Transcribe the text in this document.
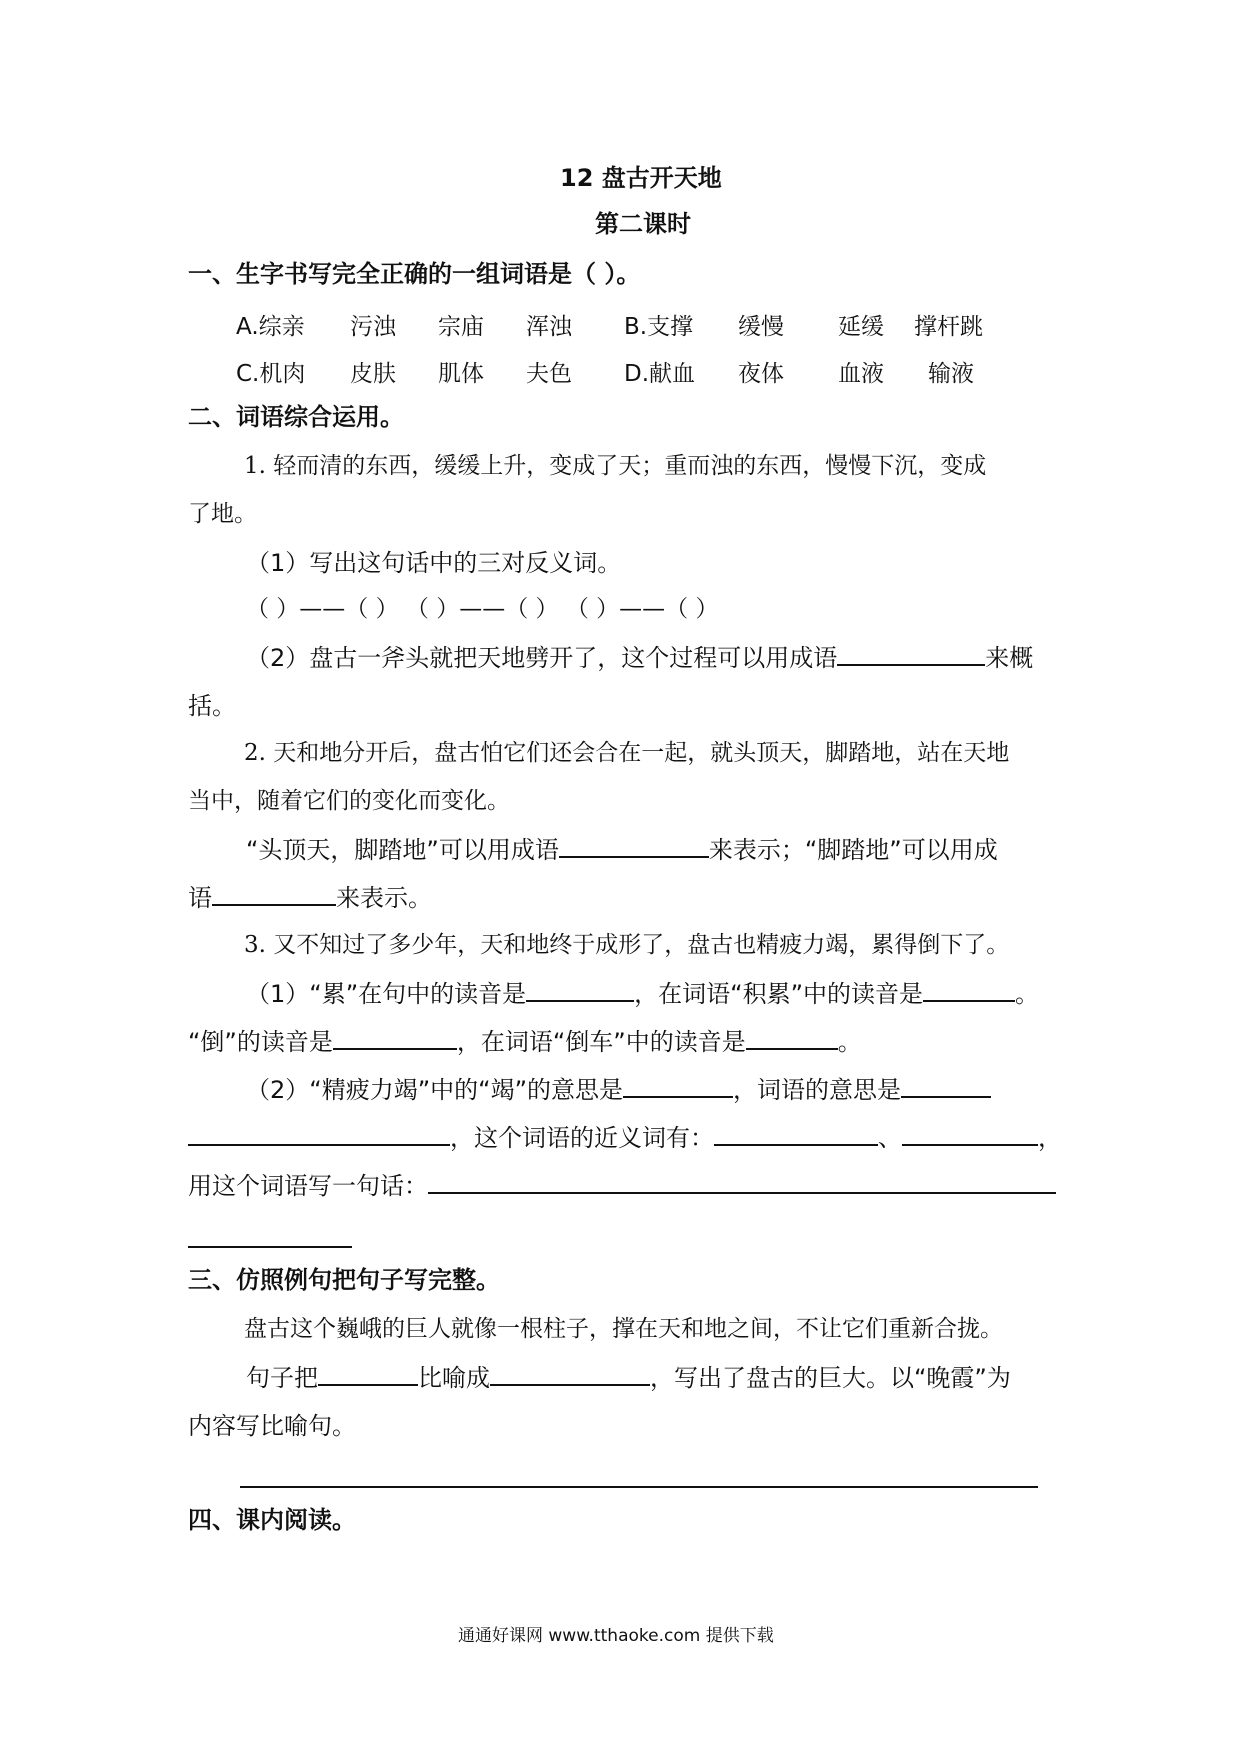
12 盘古开天地
第二课时
一、生字书写完全正确的一组词语是（ ）。
A.综亲 污浊 宗庙 浑浊 B.支撑 缓慢 延缓 撑杆跳
C.机肉 皮肤 肌体 夫色 D.献血 夜体 血液 输液
二、词语综合运用。
1. 轻而清的东西，缓缓上升，变成了天；重而浊的东西，慢慢下沉，变成
了地。
（1）写出这句话中的三对反义词。
（ ）——（ ） （ ）——（ ） （ ）——（ ）
（2）盘古一斧头就把天地劈开了，这个过程可以用成语	来概
括。
2. 天和地分开后，盘古怕它们还会合在一起，就头顶天，脚踏地，站在天地
当中，随着它们的变化而变化。
“头顶天，脚踏地”可以用成语	来表示；“脚踏地”可以用成
语	来表示。
3. 又不知过了多少年，天和地终于成形了，盘古也精疲力竭，累得倒下了。
（1）“累”在句中的读音是	，在词语“积累”中的读音是	。
“倒”的读音是	，在词语“倒车”中的读音是	。
（2）“精疲力竭”中的“竭”的意思是	，词语的意思是
，这个词语的近义词有：	、	，
用这个词语写一句话：
三、仿照例句把句子写完整。
盘古这个巍峨的巨人就像一根柱子，撑在天和地之间，不让它们重新合拢。
句子把	比喻成	，写出了盘古的巨大。以“晚霞”为
内容写比喻句。
四、课内阅读。
通通好课网 www.tthaoke.com 提供下载
